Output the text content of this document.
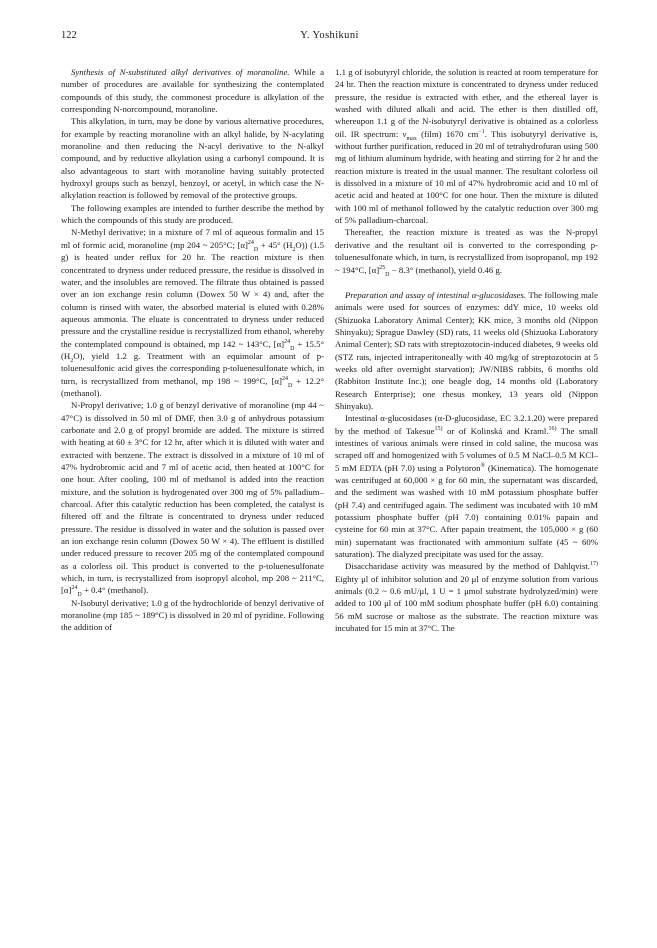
122	Y. Yoshikuni

Synthesis of N-substituted alkyl derivatives of moranoline. While a number of procedures are available for synthesizing the contemplated compounds of this study, the commonest procedure is alkylation of the corresponding N-norcompound, moranoline.

This alkylation, in turn, may be done by various alternative procedures, for example by reacting moranoline with an alkyl halide, by N-acylating moranoline and then reducing the N-acyl derivative to the N-alkyl compound, and by reductive alkylation using a carbonyl compound. It is also advantageous to start with moranoline having suitably protected hydroxyl groups such as benzyl, benzoyl, or acetyl, in which case the N-alkylation reaction is followed by removal of the protective groups.

The following examples are intended to further describe the method by which the compounds of this study are produced.

N-Methyl derivative; in a mixture of 7 ml of aqueous formalin and 15 ml of formic acid, moranoline (mp 204 ~ 205°C; $[\alpha]^{24}_D + 45^\circ$ $(H_2O)$) (1.5 g) is heated under reflux for 20 hr. The reaction mixture is then concentrated to dryness under reduced pressure, the residue is dissolved in water, and the insolubles are removed. The filtrate thus obtained is passed over an ion exchange resin column (Dowex 50 W × 4) and, after the column is rinsed with water, the absorbed material is eluted with 0.28% aqueous ammonia. The eluate is concentrated to dryness under reduced pressure and the crystalline residue is recrystallized from ethanol, whereby the contemplated compound is obtained, mp 142 ~ 143°C, $[\alpha]^{24}_D + 15.5^\circ$ $(H_2O)$, yield 1.2 g. Treatment with an equimolar amount of p-toluenesulfonic acid gives the corresponding p-toluenesulfonate which, in turn, is recrystallized from methanol, mp 198 ~ 199°C, $[\alpha]^{24}_D + 12.2^\circ$ (methanol).

N-Propyl derivative; 1.0 g of benzyl derivative of moranoline (mp 44 ~ 47°C) is dissolved in 50 ml of DMF, then 3.0 g of anhydrous potassium carbonate and 2.0 g of propyl bromide are added. The mixture is stirred with heating at 60 ± 3°C for 12 hr, after which it is diluted with water and extracted with benzene. The extract is dissolved in a mixture of 10 ml of 47% hydrobromic acid and 7 ml of acetic acid, then heated at 100°C for one hour. After cooling, 100 ml of methanol is added into the reaction mixture, and the solution is hydrogenated over 300 mg of 5% palladium–charcoal. After this catalytic reduction has been completed, the catalyst is filtered off and the filtrate is concentrated to dryness under reduced pressure. The residue is dissolved in water and the solution is passed over an ion exchange resin column (Dowex 50 W × 4). The effluent is distilled under reduced pressure to recover 205 mg of the contemplated compound as a colorless oil. This product is converted to the p-toluenesulfonate which, in turn, is recrystallized from isopropyl alcohol, mp 208 ~ 211°C, $[\alpha]^{24}_D + 0.4^\circ$ (methanol).

N-Isobutyl derivative; 1.0 g of the hydrochloride of benzyl derivative of moranoline (mp 185 ~ 189°C) is dissolved in 20 ml of pyridine. Following the addition of

1.1 g of isobutyryl chloride, the solution is reacted at room temperature for 24 hr. Then the reaction mixture is concentrated to dryness under reduced pressure, the residue is extracted with ether, and the ethereal layer is washed with diluted alkali and acid. The ether is then distilled off, whereupon 1.1 g of the N-isobutyryl derivative is obtained as a colorless oil. IR spectrum: $\nu_{max}$ (film) 1670 $cm^{-1}$. This isobutyryl derivative is, without further purification, reduced in 20 ml of tetrahydrofuran using 500 mg of lithium aluminum hydride, with heating and stirring for 2 hr and the reaction mixture is treated in the usual manner. The resultant colorless oil is dissolved in a mixture of 10 ml of 47% hydrobromic acid and 10 ml of acetic acid and heated at 100°C for one hour. Then the mixture is diluted with 100 ml of methanol followed by the catalytic reduction over 300 mg of 5% palladium-charcoal.

Thereafter, the reaction mixture is treated as was the N-propyl derivative and the resultant oil is converted to the corresponding p-toluenesulfonate which, in turn, is recrystallized from isopropanol, mp 192 ~ 194°C, $[\alpha]^{25}_D - 8.3^\circ$ (methanol), yield 0.46 g.

Preparation and assay of intestinal α-glucosidases. The following male animals were used for sources of enzymes: ddY mice, 10 weeks old (Shizuoka Laboratory Animal Center); KK mice, 3 months old (Nippon Shinyaku); Sprague Dawley (SD) rats, 11 weeks old (Shizuoka Laboratory Animal Center); SD rats with streptozotocin-induced diabetes, 9 weeks old (STZ rats, injected intraperitoneally with 40 mg/kg of streptozotocin at 5 weeks old after overnight starvation); JW/NIBS rabbits, 6 months old (Rabbiton Institute Inc.); one beagle dog, 14 months old (Laboratory Research Enterprise); one rhesus monkey, 13 years old (Nippon Shinyaku).

Intestinal α-glucosidases (α-D-glucosidase, EC 3.2.1.20) were prepared by the method of Takesue$^{15)}$ or of Kolinská and Kraml.$^{16)}$ The small intestines of various animals were rinsed in cold saline, the mucosa was scraped off and homogenized with 5 volumes of 0.5 M NaCl–0.5 M KCl–5 mM EDTA (pH 7.0) using a Polytoron® (Kinematica). The homogenate was centrifuged at 60,000 × g for 60 min, the supernatant was discarded, and the sediment was washed with 10 mM potassium phosphate buffer (pH 7.4) and centrifuged again. The sediment was incubated with 10 mM potassium phosphate buffer (pH 7.0) containing 0.01% papain and cysteine for 60 min at 37°C. After papain treatment, the 105,000 × g (60 min) supernatant was fractionated with ammonium sulfate (45 ~ 60% saturation). The dialyzed precipitate was used for the assay.

Disaccharidase activity was measured by the method of Dahlqvist.$^{17)}$ Eighty μl of inhibitor solution and 20 μl of enzyme solution from various animals (0.2 ~ 0.6 mU/μl, 1 U = 1 μmol substrate hydrolyzed/min) were added to 100 μl of 100 mM sodium phosphate buffer (pH 6.0) containing 56 mM sucrose or maltose as the substrate. The reaction mixture was incubated for 15 min at 37°C. The
